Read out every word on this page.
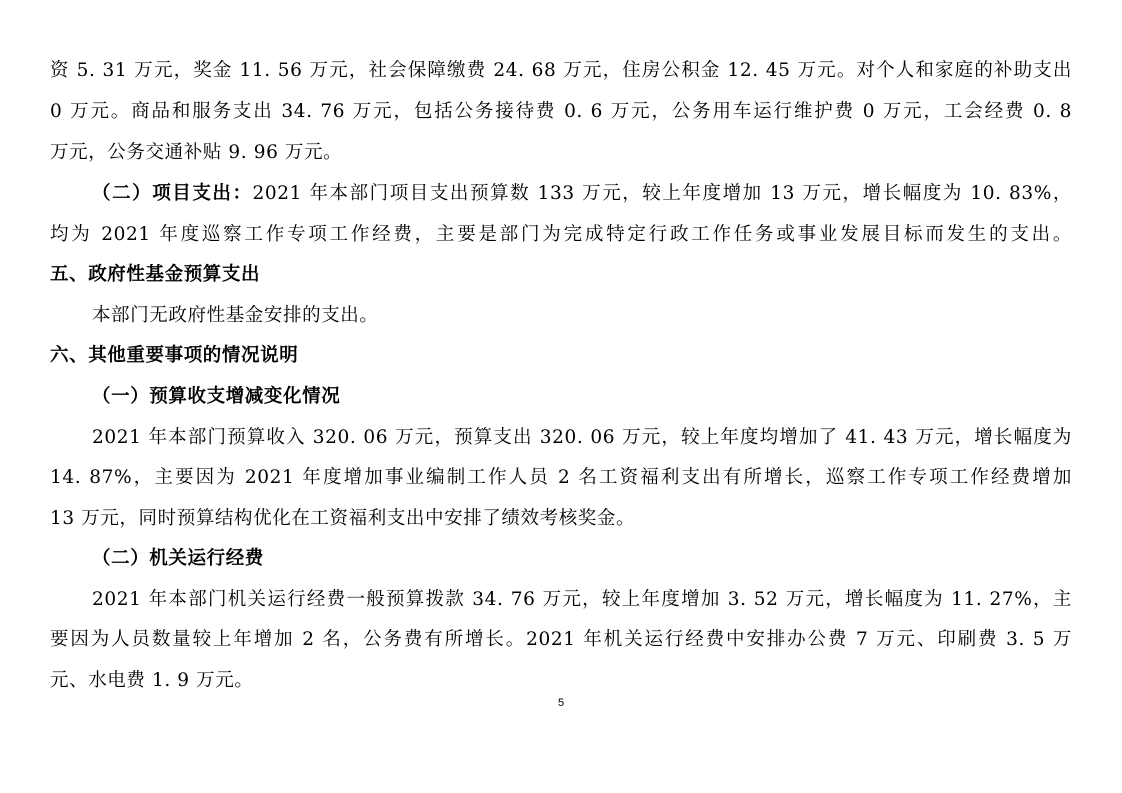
资 5. 31 万元，奖金 11. 56 万元，社会保障缴费 24. 68 万元，住房公积金 12. 45 万元。对个人和家庭的补助支出
0 万元。商品和服务支出 34. 76 万元，包括公务接待费 0. 6 万元，公务用车运行维护费 0 万元，工会经费 0. 8
万元，公务交通补贴 9. 96 万元。
（二）项目支出：2021 年本部门项目支出预算数 133 万元，较上年度增加 13 万元，增长幅度为 10. 83%，
均为 2021 年度巡察工作专项工作经费，主要是部门为完成特定行政工作任务或事业发展目标而发生的支出。
五、政府性基金预算支出
本部门无政府性基金安排的支出。
六、其他重要事项的情况说明
（一）预算收支增减变化情况
2021 年本部门预算收入 320. 06 万元，预算支出 320. 06 万元，较上年度均增加了 41. 43 万元，增长幅度为
14. 87%，主要因为 2021 年度增加事业编制工作人员 2 名工资福利支出有所增长，巡察工作专项工作经费增加
13 万元，同时预算结构优化在工资福利支出中安排了绩效考核奖金。
（二）机关运行经费
2021 年本部门机关运行经费一般预算拨款 34. 76 万元，较上年度增加 3. 52 万元，增长幅度为 11. 27%，主
要因为人员数量较上年增加 2 名，公务费有所增长。2021 年机关运行经费中安排办公费 7 万元、印刷费 3. 5 万
元、水电费 1. 9 万元。
5
